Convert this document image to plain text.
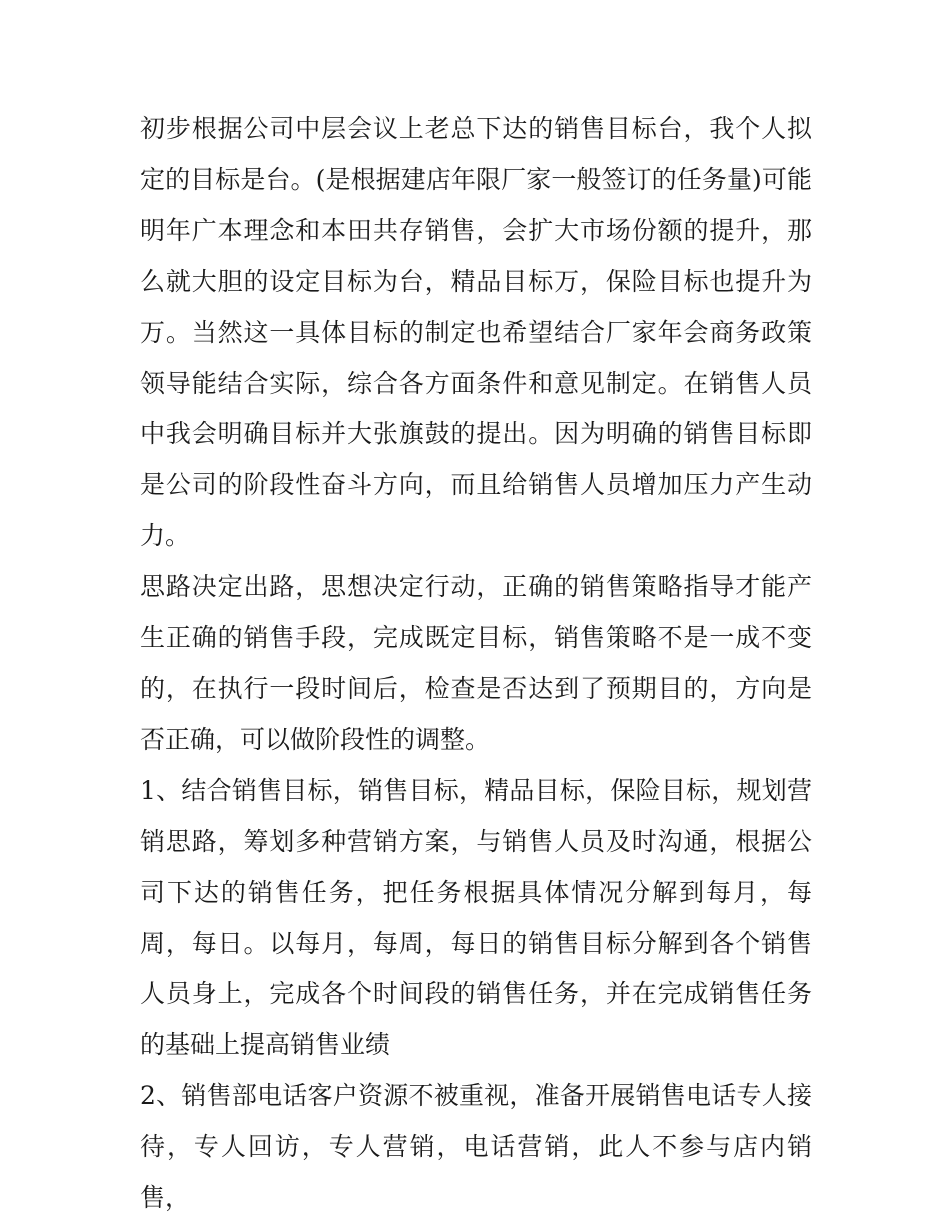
初步根据公司中层会议上老总下达的销售目标台，我个人拟定的目标是台。(是根据建店年限厂家一般签订的任务量)可能明年广本理念和本田共存销售，会扩大市场份额的提升，那么就大胆的设定目标为台，精品目标万，保险目标也提升为万。当然这一具体目标的制定也希望结合厂家年会商务政策领导能结合实际，综合各方面条件和意见制定。在销售人员中我会明确目标并大张旗鼓的提出。因为明确的销售目标即是公司的阶段性奋斗方向，而且给销售人员增加压力产生动力。

思路决定出路，思想决定行动，正确的销售策略指导才能产生正确的销售手段，完成既定目标，销售策略不是一成不变的，在执行一段时间后，检查是否达到了预期目的，方向是否正确，可以做阶段性的调整。

1、结合销售目标，销售目标，精品目标，保险目标，规划营销思路，筹划多种营销方案，与销售人员及时沟通，根据公司下达的销售任务，把任务根据具体情况分解到每月，每周，每日。以每月，每周，每日的销售目标分解到各个销售人员身上，完成各个时间段的销售任务，并在完成销售任务的基础上提高销售业绩

2、销售部电话客户资源不被重视，准备开展销售电话专人接待，专人回访，专人营销，电话营销，此人不参与店内销售，
